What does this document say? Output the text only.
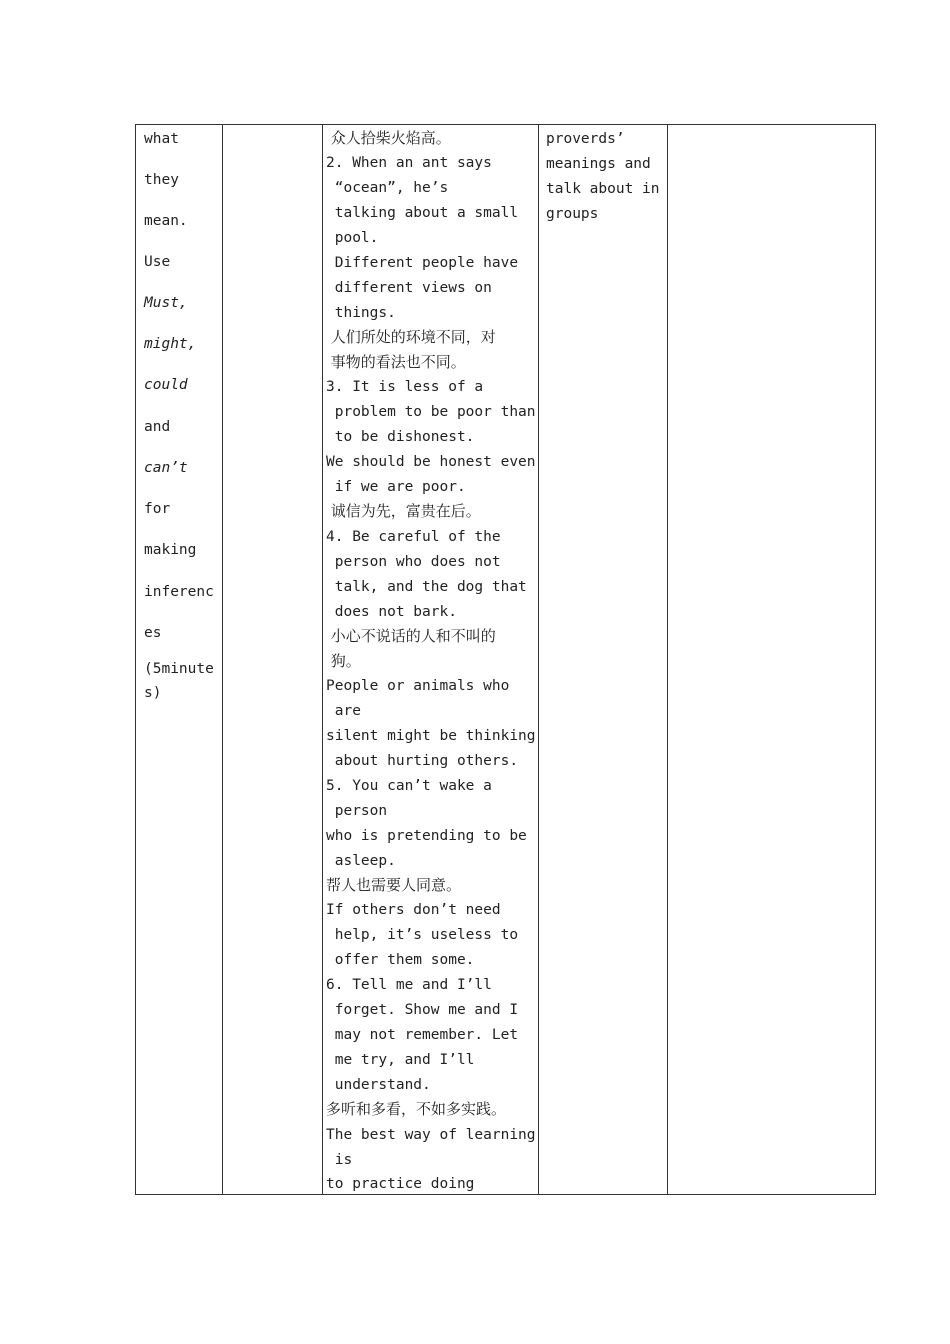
what
they
mean.
Use
Must,
might,
could
and
can’t
for
making
inferenc
es
(5minute
s)
众人拾柴火焰高。
2. When an ant says
“ocean”, he’s
talking about a small
pool.
Different people have
different views on
things.
人们所处的环境不同，对
事物的看法也不同。
3. It is less of a
problem to be poor than
to be dishonest.
We should be honest even
if we are poor.
诚信为先，富贵在后。
4. Be careful of the
person who does not
talk, and the dog that
does not bark.
小心不说话的人和不叫的
狗。
People or animals who
are
silent might be thinking
about hurting others.
5. You can’t wake a
person
who is pretending to be
asleep.
帮人也需要人同意。
If others don’t need
help, it’s useless to
offer them some.
6. Tell me and I’ll
forget. Show me and I
may not remember. Let
me try, and I’ll
understand.
多听和多看，不如多实践。
The best way of learning
is
to practice doing
proverds’
meanings and
talk about in
groups
